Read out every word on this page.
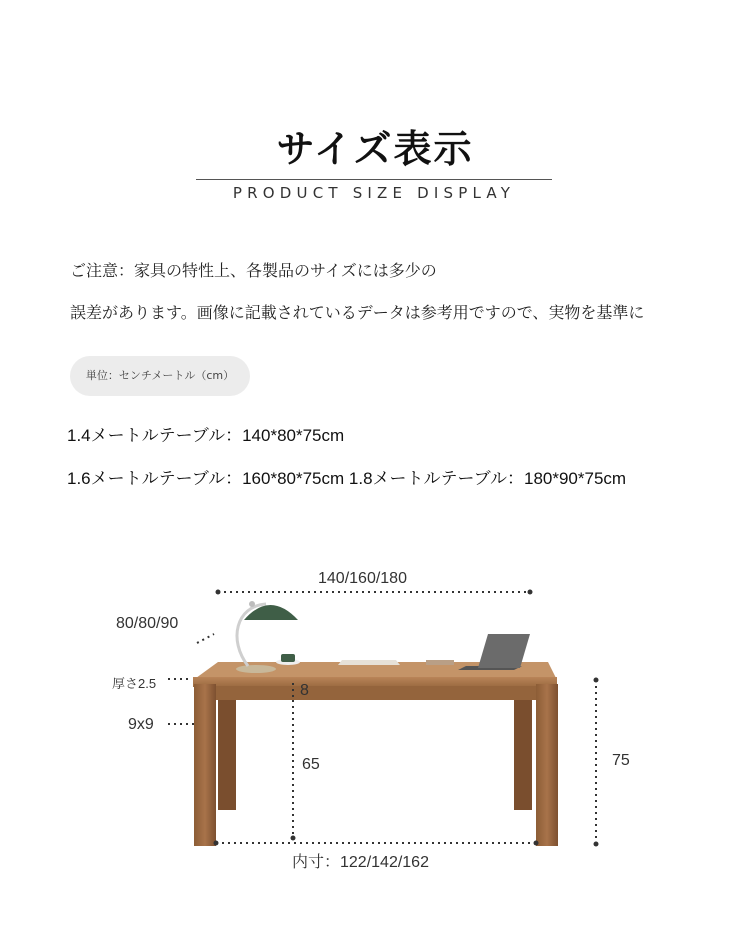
サイズ表示
PRODUCT SIZE DISPLAY
ご注意：家具の特性上、各製品のサイズには多少の
誤差があります。画像に記載されているデータは参考用ですので、実物を基準に
単位：センチメートル（cm）
1.4メートルテーブル：140*80*75cm
1.6メートルテーブル：160*80*75cm 1.8メートルテーブル：180*90*75cm
140/160/180
80/80/90
厚さ2.5
9x9
8
65	75
内寸：122/142/162
